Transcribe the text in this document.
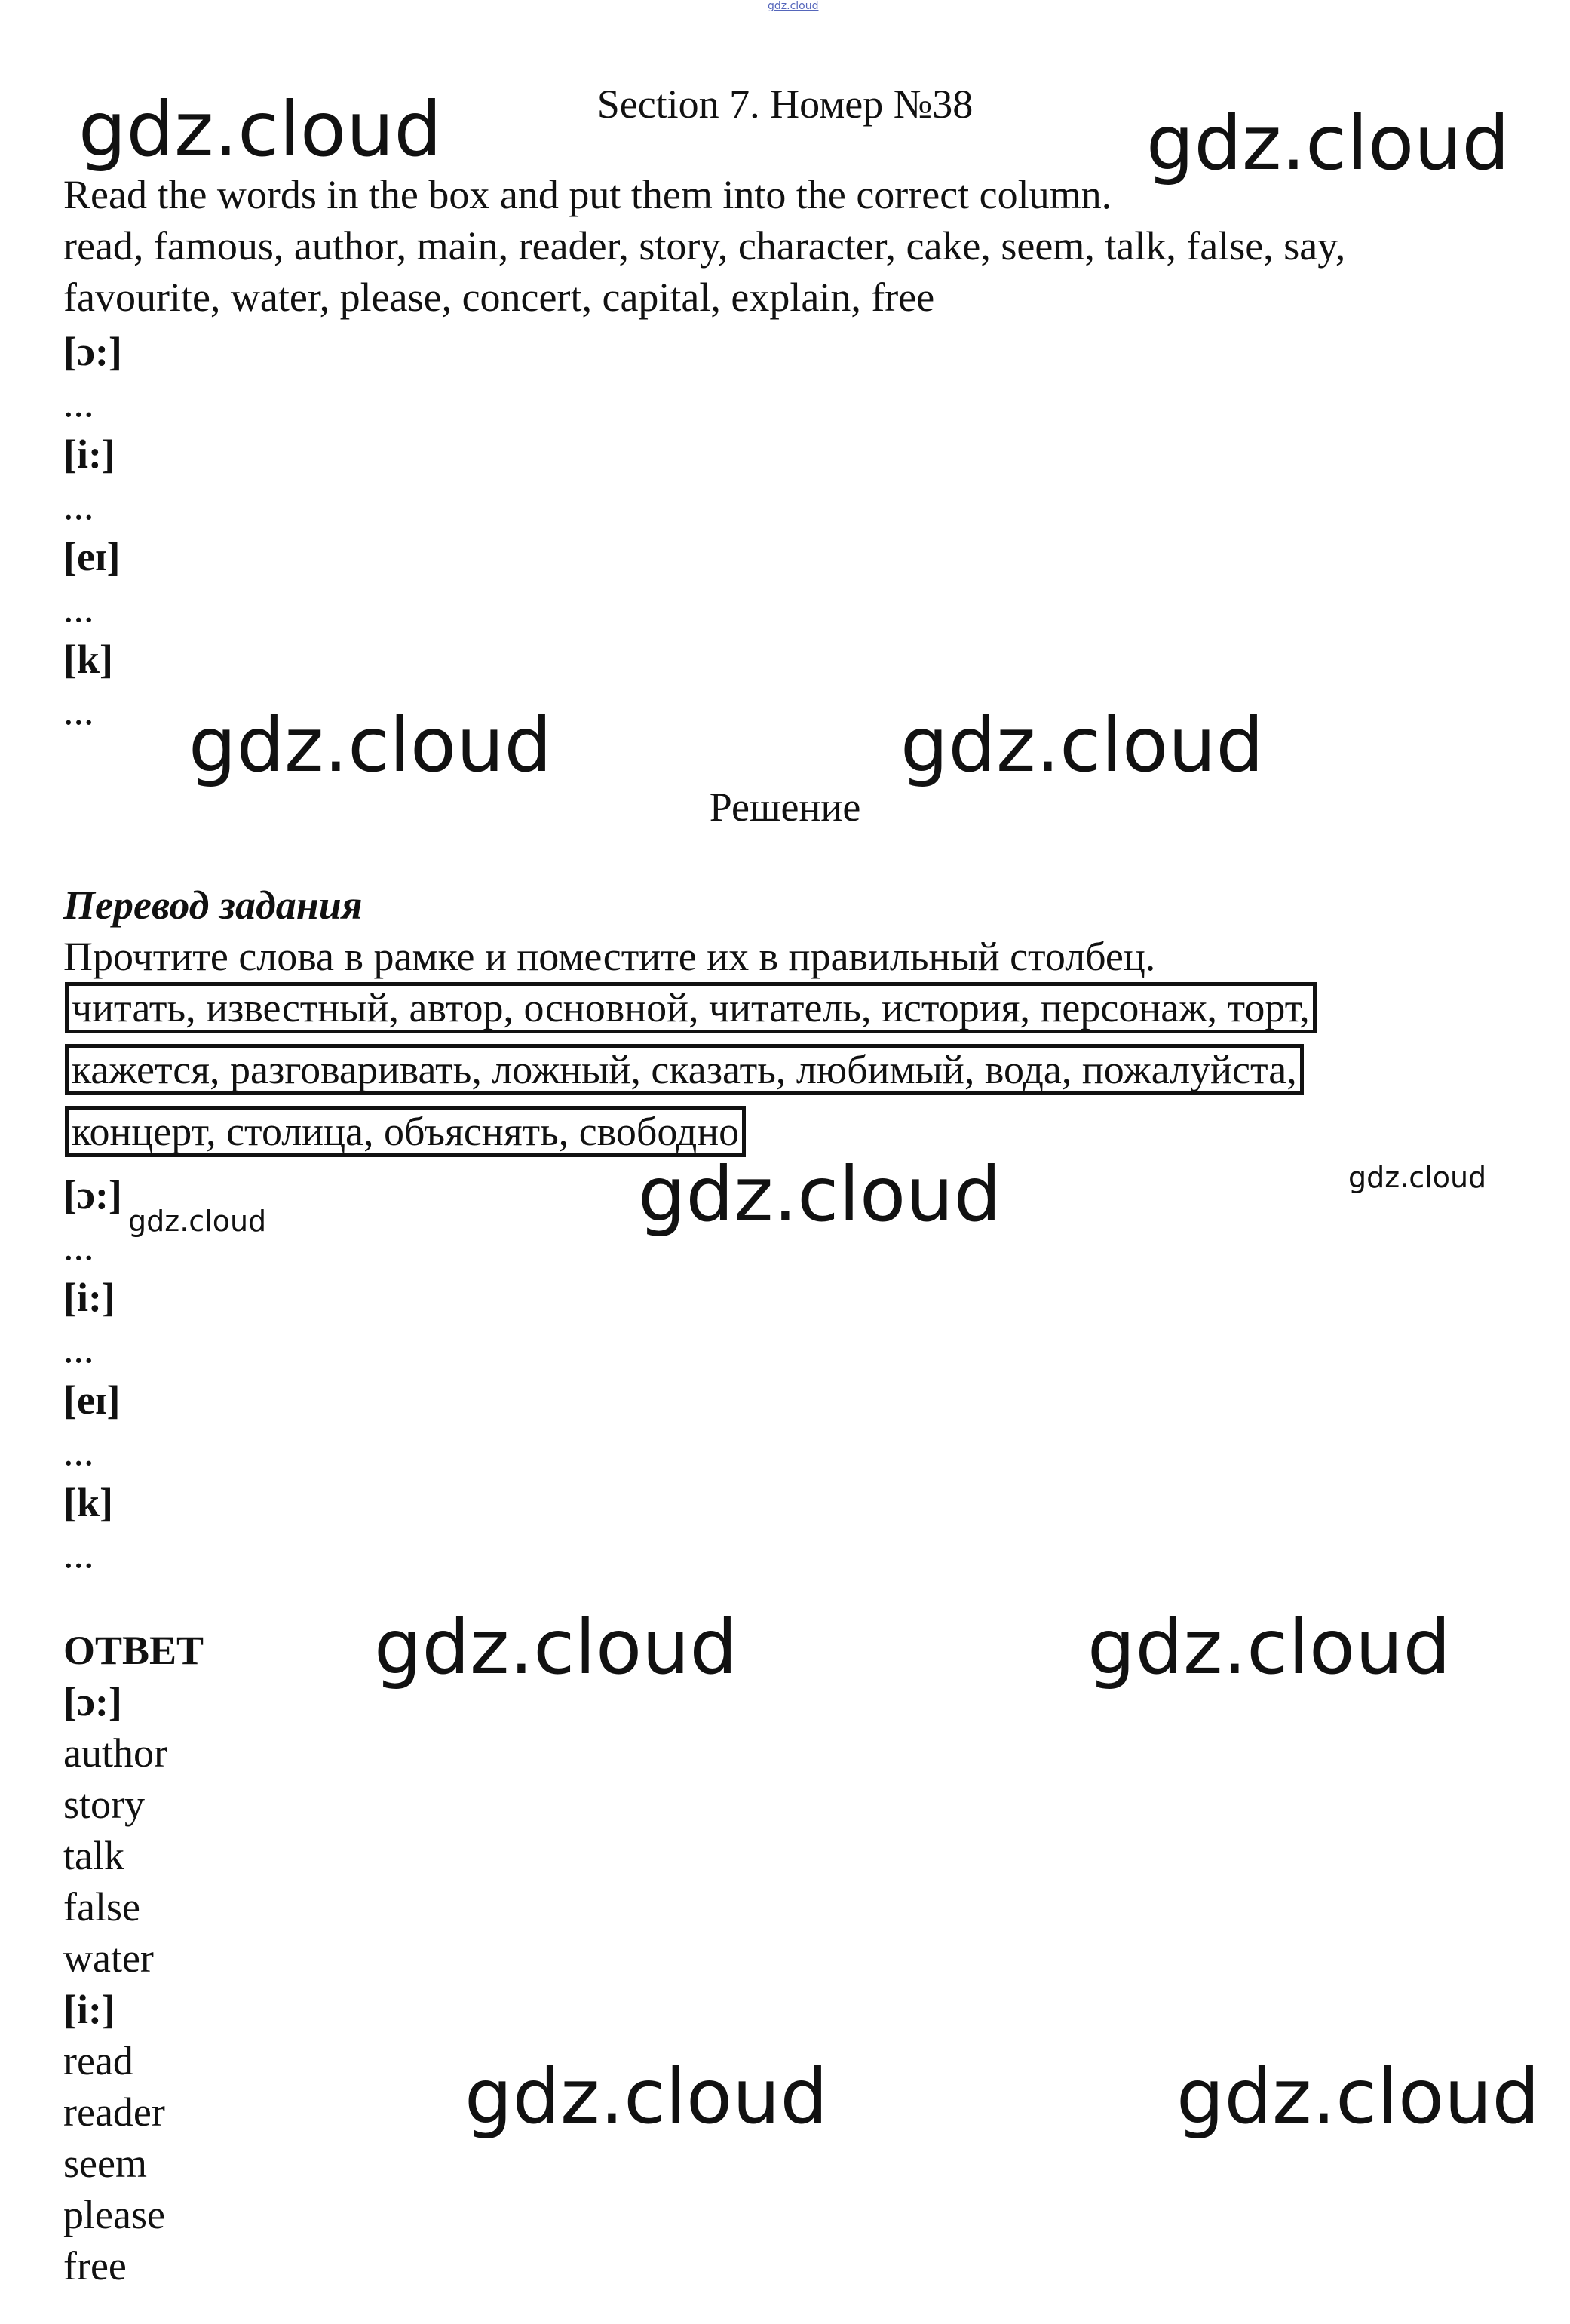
gdz.cloud
Section 7. Номер №38
Read the words in the box and put them into the correct column.
read, famous, author, main, reader, story, character, cake, seem, talk, false, say,
favourite, water, please, concert, capital, explain, free
[ɔ:]
...
[i:]
...
[eɪ]
...
[k]
...
Решение
Перевод задания
Прочтите слова в рамке и поместите их в правильный столбец.
читать, известный, автор, основной, читатель, история, персонаж, торт,
кажется, разговаривать, ложный, сказать, любимый, вода, пожалуйста,
концерт, столица, объяснять, свободно
[ɔ:]
...
[i:]
...
[eɪ]
...
[k]
...
ОТВЕТ
[ɔ:]
author
story
talk
false
water
[i:]
read
reader
seem
please
free
gdz.cloud	gdz.cloud
gdz.cloud	gdz.cloud
gdz.cloud	gdz.cloud	gdz.cloud
gdz.cloud	gdz.cloud
gdz.cloud	gdz.cloud
